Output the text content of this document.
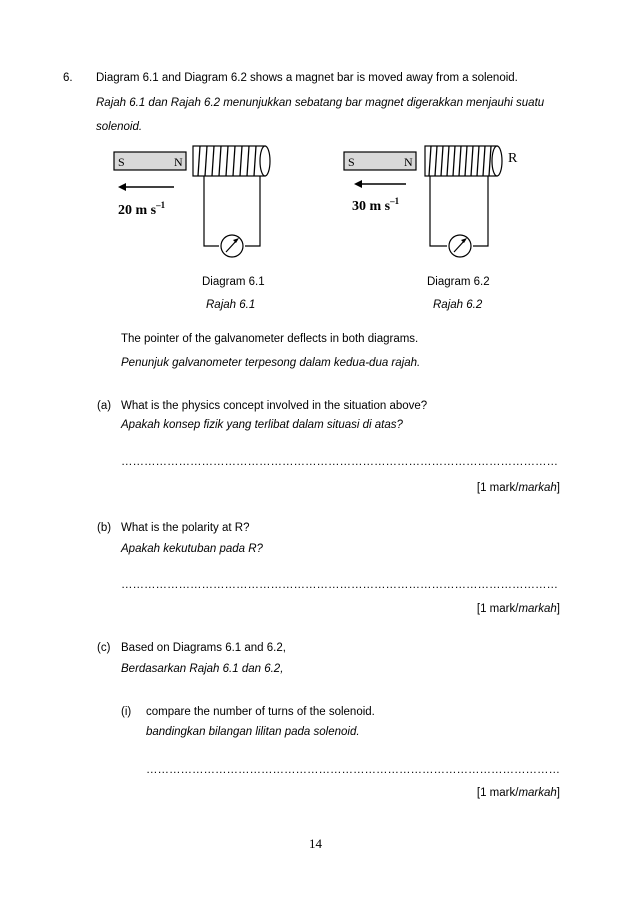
6. Diagram 6.1 and Diagram 6.2 shows a magnet bar is moved away from a solenoid.
Rajah 6.1 dan Rajah 6.2 menunjukkan sebatang bar magnet digerakkan menjauhi suatu
solenoid.
S	N
20 m $s^{-1}$
S	N	R
30 m $s^{-1}$
Diagram 6.1
Rajah 6.1
Diagram 6.2
Rajah 6.2
The pointer of the galvanometer deflects in both diagrams.
Penunjuk galvanometer terpesong dalam kedua-dua rajah.
(a) What is the physics concept involved in the situation above?
Apakah konsep fizik yang terlibat dalam situasi di atas?
……………………………………………………………………………………………………
[1 mark/markah]
(b) What is the polarity at R?
Apakah kekutuban pada R?
……………………………………………………………………………………………………
[1 mark/markah]
(c) Based on Diagrams 6.1 and 6.2,
Berdasarkan Rajah 6.1 dan 6.2,
(i) compare the number of turns of the solenoid.
bandingkan bilangan lilitan pada solenoid.
………………………………………………………………………………………………
[1 mark/markah]
14
